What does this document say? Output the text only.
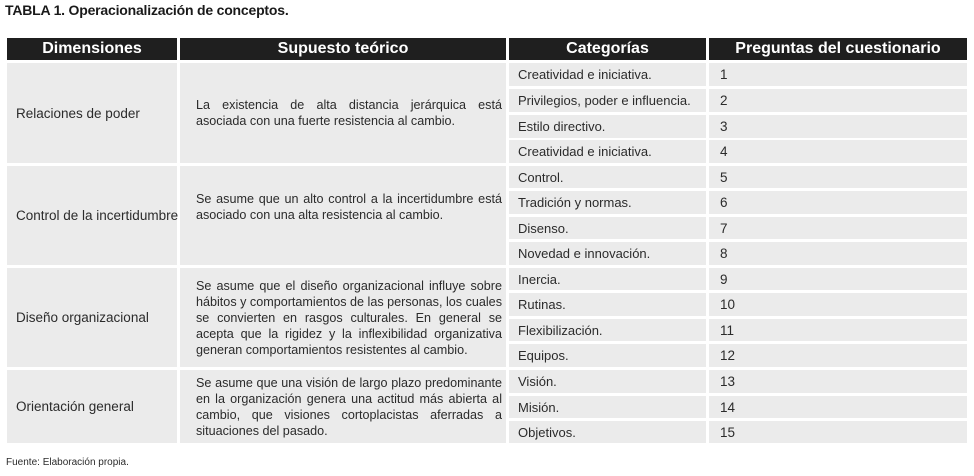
TABLA 1. Operacionalización de conceptos.
Dimensiones	Supuesto teórico	Categorías	Preguntas del cuestionario
Relaciones de poder
La existencia de alta distancia jerárquica está asociada con una fuerte resistencia al cambio.
Creatividad e iniciativa.	1
Privilegios, poder e influencia.	2
Estilo directivo.	3
Creatividad e iniciativa.	4
Control de la incertidumbre
Se asume que un alto control a la incertidumbre está asociado con una alta resistencia al cambio.
Control.	5
Tradición y normas.	6
Disenso.	7
Novedad e innovación.	8
Diseño organizacional
Se asume que el diseño organizacional influye sobre hábitos y comportamientos de las personas, los cuales se convierten en rasgos culturales. En general se acepta que la rigidez y la inflexibilidad organizativa generan comportamientos resistentes al cambio.
Inercia.	9
Rutinas.	10
Flexibilización.	11
Equipos.	12
Orientación general
Se asume que una visión de largo plazo predominante en la organización genera una actitud más abierta al cambio, que visiones cortoplacistas aferradas a situaciones del pasado.
Visión.	13
Misión.	14
Objetivos.	15
Fuente: Elaboración propia.
